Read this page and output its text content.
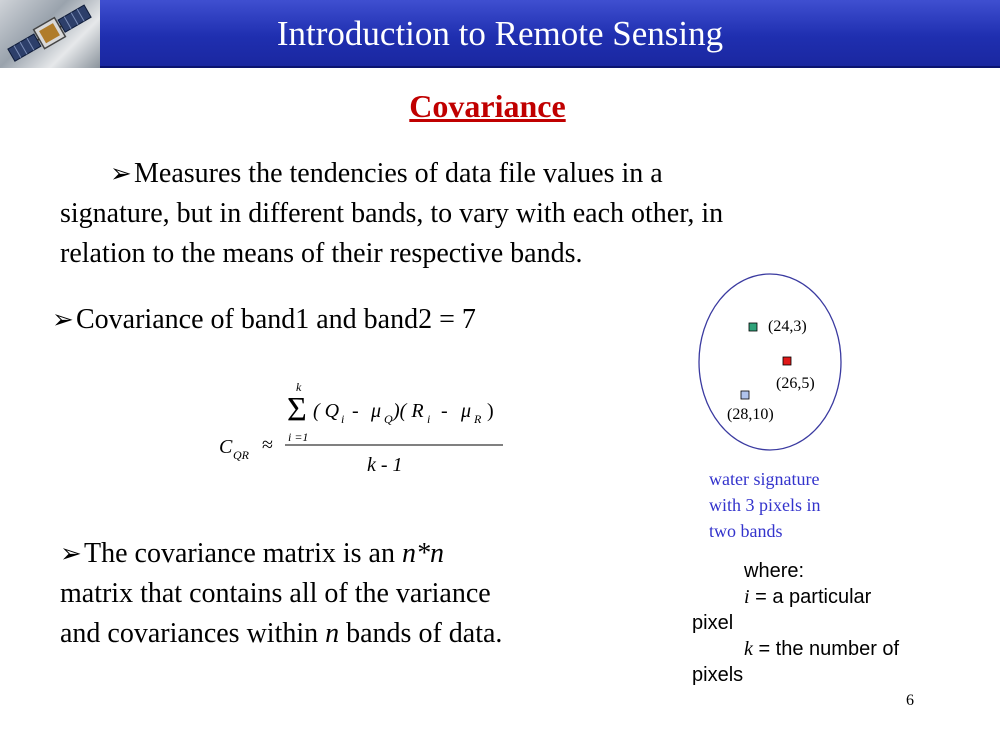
Introduction to Remote Sensing
Covariance
➢Measures the tendencies of data file values in a
signature, but in different bands, to vary with each other, in
relation to the means of their respective bands.
➢Covariance of band1 and band2 = 7
k
Σ
i =1
( Q i - μ Q )( R i - μ R )
C QR ≈
k - 1
(24,3)
(26,5)
(28,10)
water signature
with 3 pixels in
two bands
➢The covariance matrix is an n*n
matrix that contains all of the variance
and covariances within n bands of data.
where:
i = a particular
pixel
k = the number of
pixels
6
